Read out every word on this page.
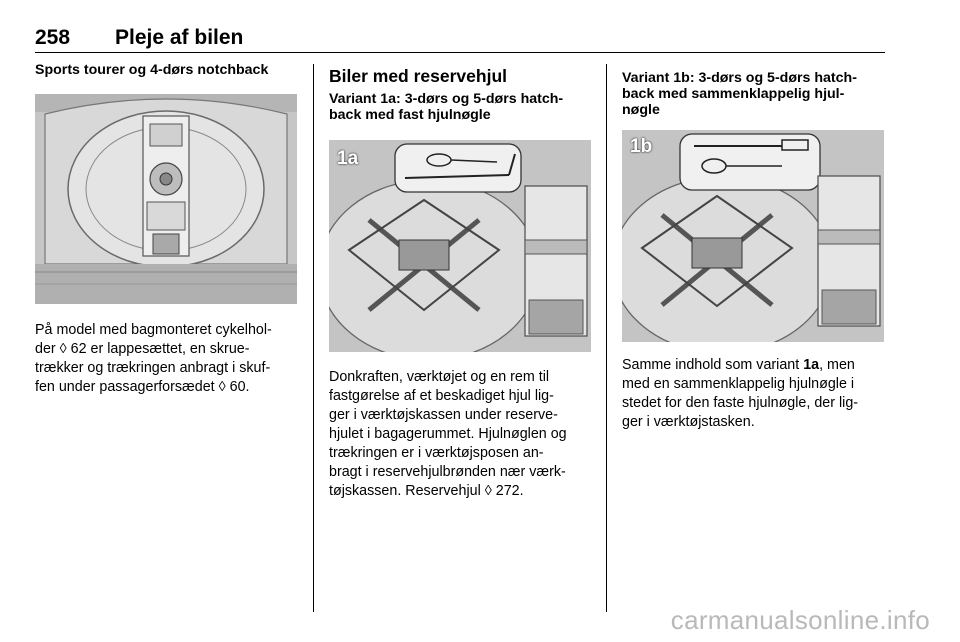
258 Pleje af bilen

Sports tourer og 4-dørs notchback

På model med bagmonteret cykelhol-

der ◊ 62 er lappesættet, en skrue-

trækker og trækringen anbragt i skuf-

fen under passagerforsædet ◊ 60.

Biler med reservehjul

Variant 1a: 3-dørs og 5-dørs hatch-

back med fast hjulnøgle

1a

Donkraften, værktøjet og en rem til

fastgørelse af et beskadiget hjul lig-

ger i værktøjskassen under reserve-

hjulet i bagagerummet. Hjulnøglen og

trækringen er i værktøjsposen an-

bragt i reservehjulbrønden nær værk-

tøjskassen. Reservehjul ◊ 272.

Variant 1b: 3-dørs og 5-dørs hatch-

back med sammenklappelig hjul-

nøgle

1b

Samme indhold som variant 1a, men

med en sammenklappelig hjulnøgle i

stedet for den faste hjulnøgle, der lig-

ger i værktøjstasken.

carmanualsonline.info
